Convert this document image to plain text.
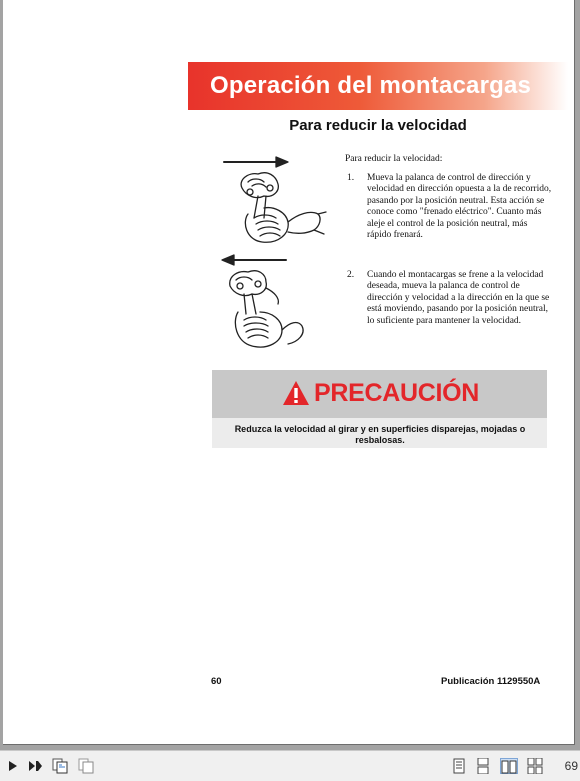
Operación del montacargas
Para reducir la velocidad
Para reducir la velocidad:
1. Mueva la palanca de control de dirección y velocidad en dirección opuesta a la de recorrido, pasando por la posición neutral. Esta acción se conoce como "frenado eléctrico". Cuanto más aleje el control de la posición neutral, más rápido frenará.
2. Cuando el montacargas se frene a la velocidad deseada, mueva la palanca de control de dirección y velocidad a la dirección en la que se está moviendo, pasando por la posición neutral, lo suficiente para mantener la velocidad.
PRECAUCIÓN
Reduzca la velocidad al girar y en superficies disparejas, mojadas o resbalosas.
60	Publicación 1129550A
69
